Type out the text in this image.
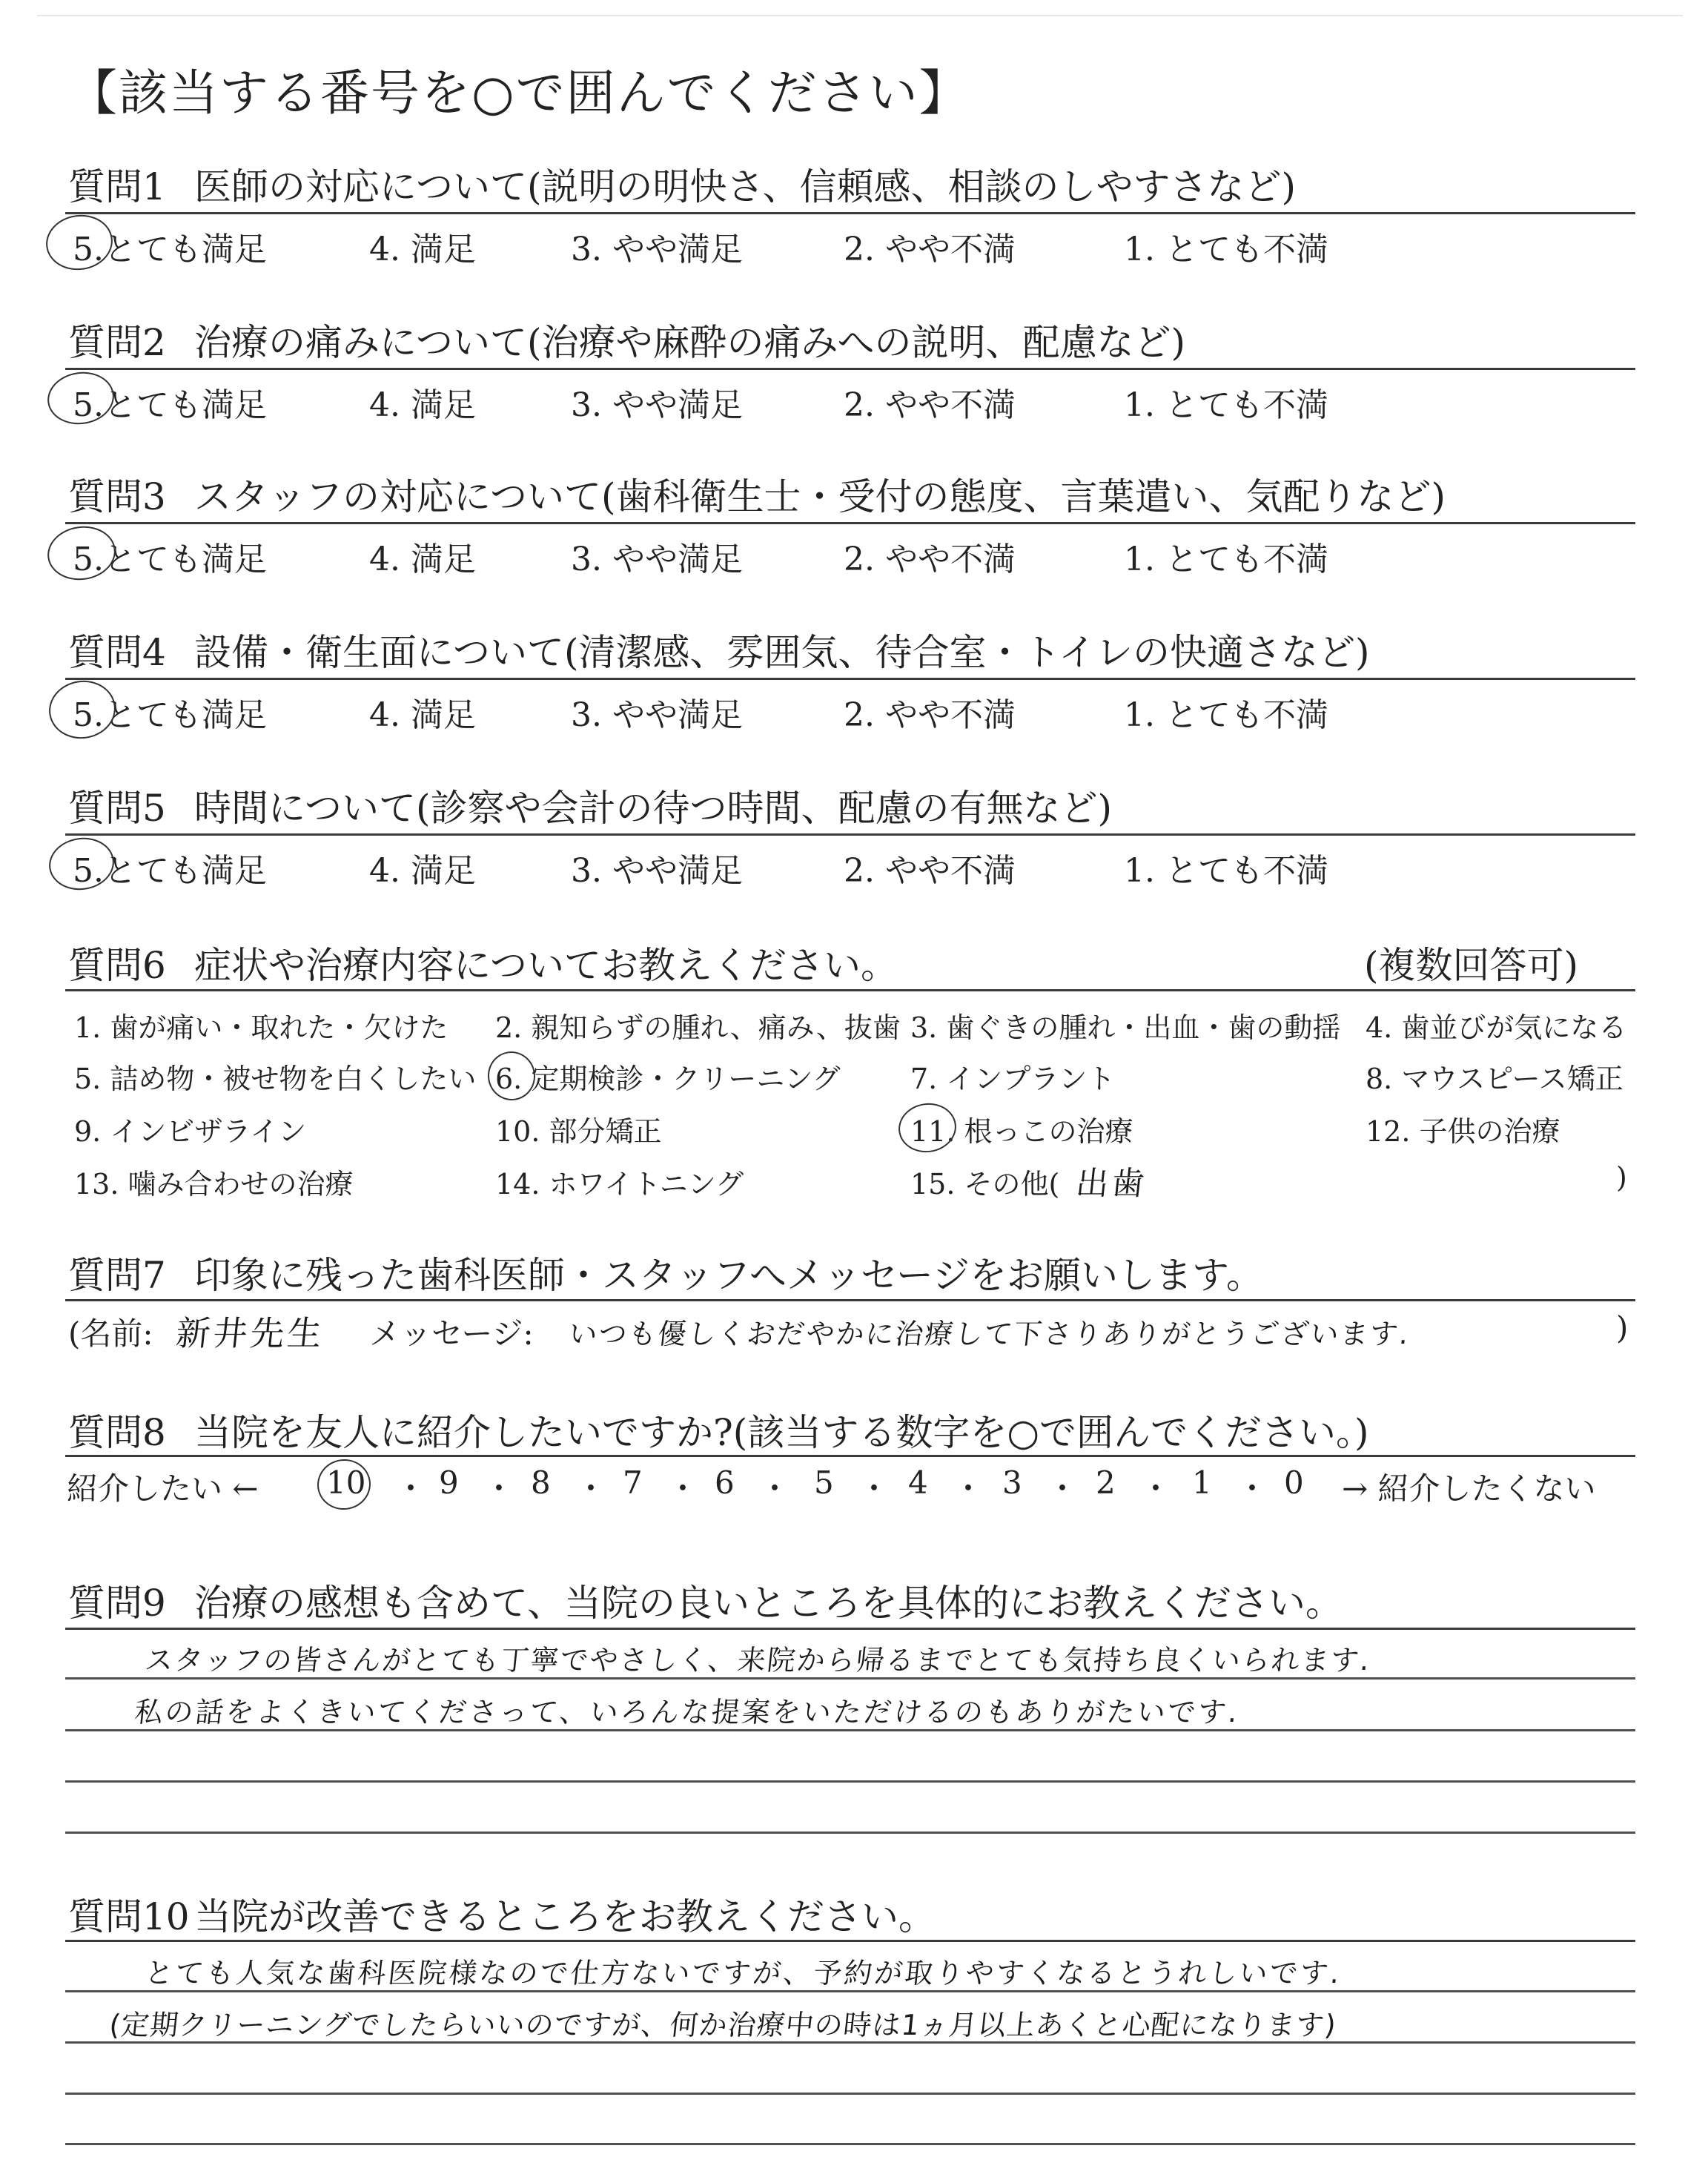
【該当する番号を○で囲んでください】
質問1 医師の対応について(説明の明快さ、信頼感、相談のしやすさなど)
5.とても満足	4. 満足	3. やや満足	2. やや不満	1. とても不満
質問2 治療の痛みについて(治療や麻酔の痛みへの説明、配慮など)
5.とても満足	4. 満足	3. やや満足	2. やや不満	1. とても不満
質問3 スタッフの対応について(歯科衛生士・受付の態度、言葉遣い、気配りなど)
5.とても満足	4. 満足	3. やや満足	2. やや不満	1. とても不満
質問4 設備・衛生面について(清潔感、雰囲気、待合室・トイレの快適さなど)
5.とても満足	4. 満足	3. やや満足	2. やや不満	1. とても不満
質問5 時間について(診察や会計の待つ時間、配慮の有無など)
5.とても満足	4. 満足	3. やや満足	2. やや不満	1. とても不満
質問6 症状や治療内容についてお教えください。	(複数回答可)
1. 歯が痛い・取れた・欠けた 2. 親知らずの腫れ、痛み、抜歯 3. 歯ぐきの腫れ・出血・歯の動揺 4. 歯並びが気になる
5. 詰め物・被せ物を白くしたい 6. 定期検診・クリーニング 7. インプラント	8. マウスピース矯正
9. インビザライン	10. 部分矯正	11. 根っこの治療	12. 子供の治療
13. 噛み合わせの治療	14. ホワイトニング	15. その他( 出歯	)
質問7 印象に残った歯科医師・スタッフへメッセージをお願いします。
(名前: 新井先生 メッセージ: いつも優しくおだやかに治療して下さりありがとうございます.	)
質問8 当院を友人に紹介したいですか?(該当する数字を○で囲んでください。)
紹介したい ← 10 ・ 9 ・ 8 ・ 7 ・ 6 ・ 5 ・ 4 ・ 3 ・ 2 ・ 1 ・ 0 → 紹介したくない
質問9 治療の感想も含めて、当院の良いところを具体的にお教えください。
スタッフの皆さんがとても丁寧でやさしく、来院から帰るまでとても気持ち良くいられます.
私の話をよくきいてくださって、いろんな提案をいただけるのもありがたいです.
質問10 当院が改善できるところをお教えください。
とても人気な歯科医院様なので仕方ないですが、予約が取りやすくなるとうれしいです.
(定期クリーニングでしたらいいのですが、何か治療中の時は1ヵ月以上あくと心配になります)
